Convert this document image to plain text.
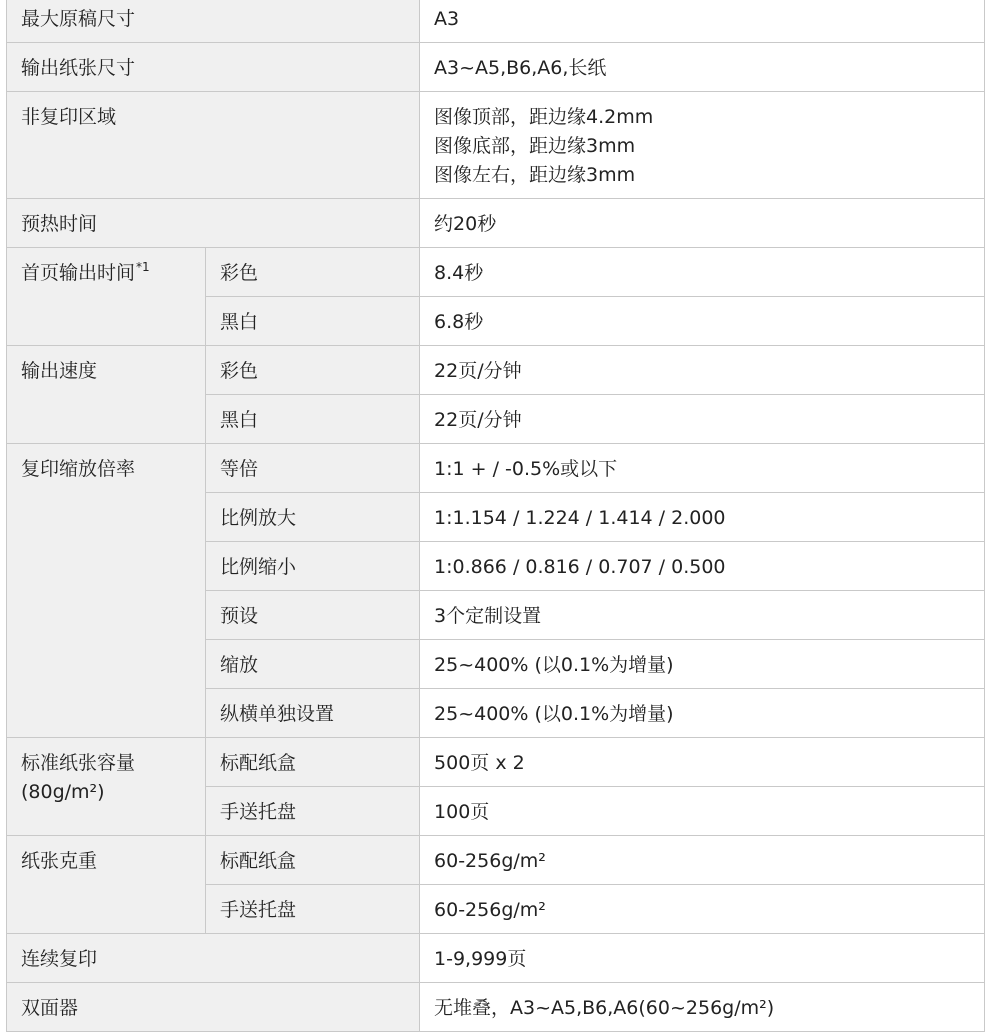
最大原稿尺寸		A3
输出纸张尺寸		A3~A5,B6,A6,长纸
非复印区域		图像顶部，距边缘4.2mm
图像底部，距边缘3mm
图像左右，距边缘3mm

预热时间		约20秒
首页输出时间$^{*1}$	彩色	8.4秒
	黑白	6.8秒
输出速度	彩色	22页/分钟
	黑白	22页/分钟
复印缩放倍率	等倍	1:1 + / -0.5%或以下
	比例放大	1:1.154 / 1.224 / 1.414 / 2.000
	比例缩小	1:0.866 / 0.816 / 0.707 / 0.500
	预设	3个定制设置
	缩放	25~400% (以0.1%为增量)
	纵横单独设置	25~400% (以0.1%为增量)

标准纸张容量
(80g/m²)	标配纸盒	500页 x 2
	手送托盘	100页
纸张克重	标配纸盒	60-256g/m²
	手送托盘	60-256g/m²
连续复印		1-9,999页
双面器		无堆叠，A3~A5,B6,A6(60~256g/m²)
